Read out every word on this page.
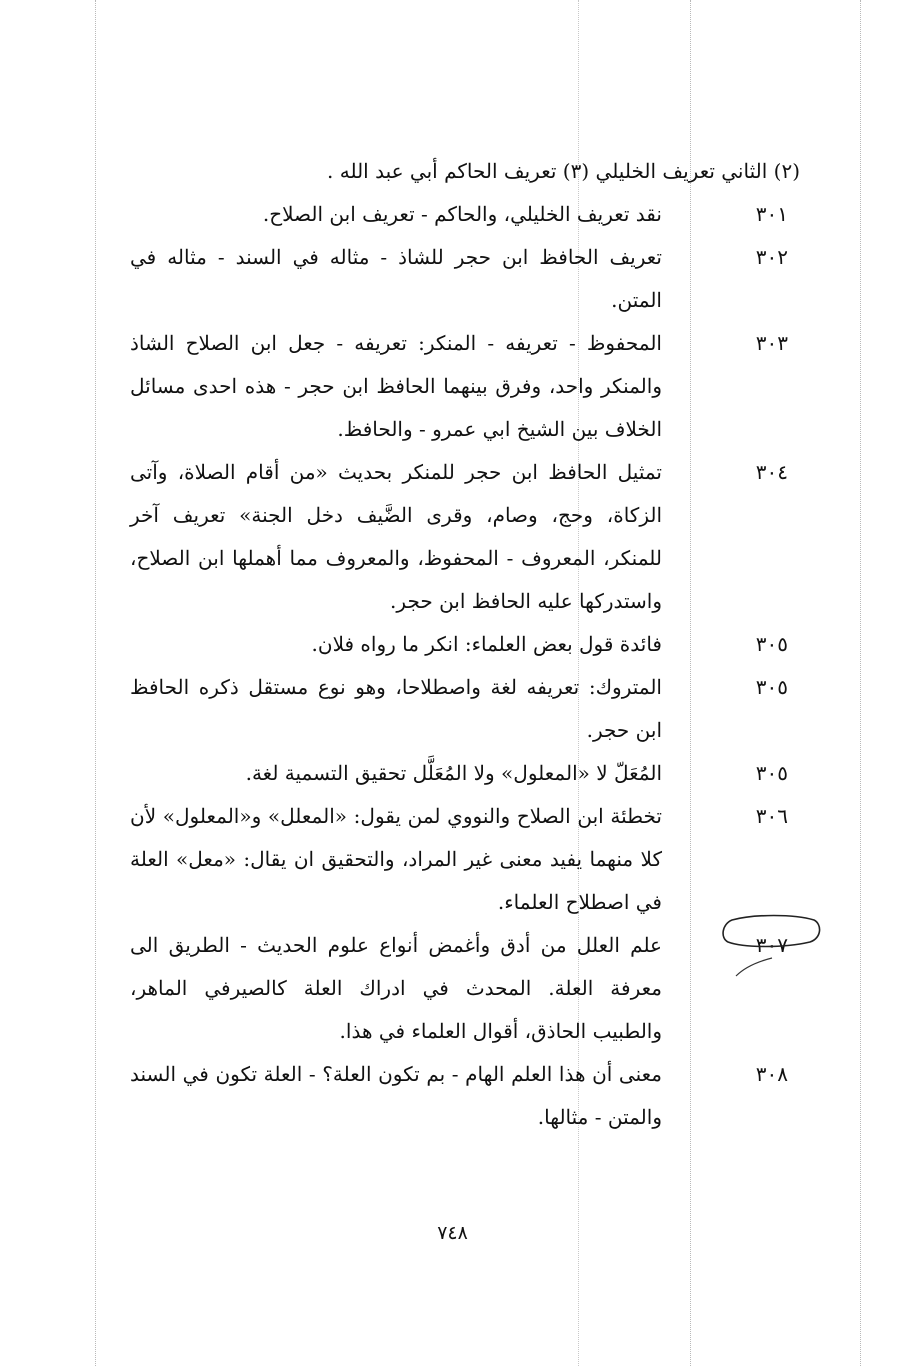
(٢) الثاني تعريف الخليلي (٣) تعريف الحاكم أبي عبد الله .
٣٠١
نقد تعريف الخليلي، والحاكم - تعريف ابن الصلاح.
٣٠٢
تعريف الحافظ ابن حجر للشاذ - مثاله في السند - مثاله في المتن.
٣٠٣
المحفوظ - تعريفه - المنكر: تعريفه - جعل ابن الصلاح الشاذ والمنكر واحد، وفرق بينهما الحافظ ابن حجر - هذه احدى مسائل الخلاف بين الشيخ ابي عمرو - والحافظ.
٣٠٤
تمثيل الحافظ ابن حجر للمنكر بحديث «من أقام الصلاة، وآتى الزكاة، وحج، وصام، وقرى الضَّيف دخل الجنة» تعريف آخر للمنكر، المعروف - المحفوظ، والمعروف مما أهملها ابن الصلاح، واستدركها عليه الحافظ ابن حجر.
٣٠٥
فائدة قول بعض العلماء: انكر ما رواه فلان.
٣٠٥
المتروك: تعريفه لغة واصطلاحا، وهو نوع مستقل ذكره الحافظ ابن حجر.
٣٠٥
المُعَلّ لا «المعلول» ولا المُعَلَّل تحقيق التسمية لغة.
٣٠٦
تخطئة ابن الصلاح والنووي لمن يقول: «المعلل» و«المعلول» لأن كلا منهما يفيد معنى غير المراد، والتحقيق ان يقال: «معل» العلة في اصطلاح العلماء.
٣٠٧
علم العلل من أدق وأغمض أنواع علوم الحديث - الطريق الى معرفة العلة. المحدث في ادراك العلة كالصيرفي الماهر، والطبيب الحاذق، أقوال العلماء في هذا.
٣٠٨
معنى أن هذا العلم الهام - بم تكون العلة؟ - العلة تكون في السند والمتن - مثالها.
٧٤٨
